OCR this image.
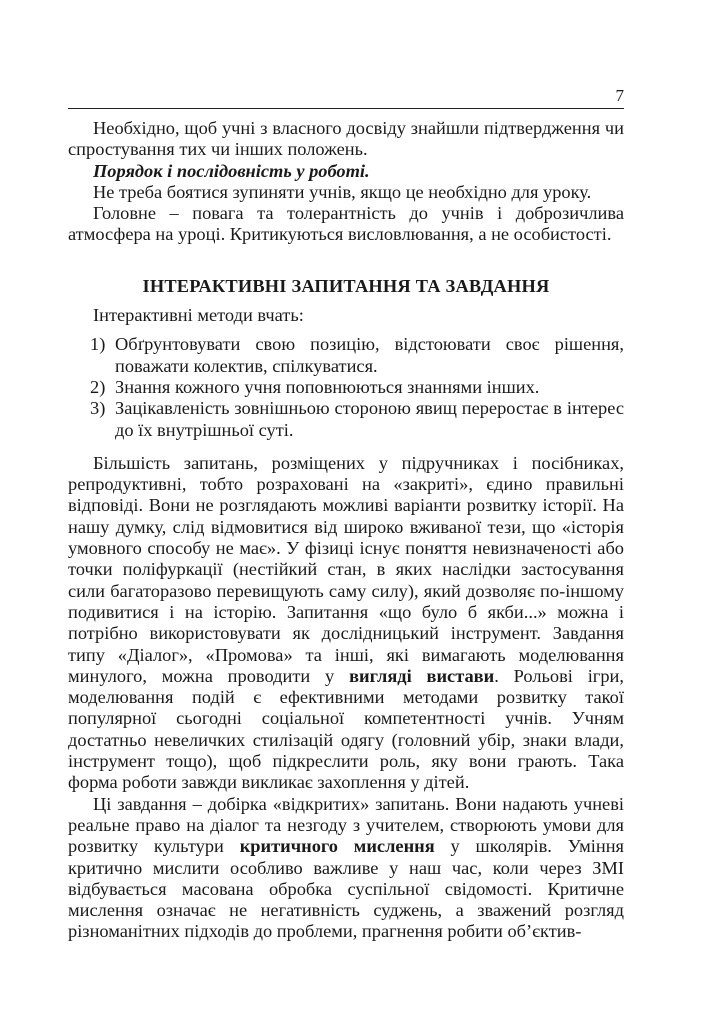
7

Необхідно, щоб учні з власного досвіду знайшли підтвердження чи спростування тих чи інших положень.

Порядок і послідовність у роботі.

Не треба боятися зупиняти учнів, якщо це необхідно для уроку.

Головне – повага та толерантність до учнів і доброзичлива атмосфера на уроці. Критикуються висловлювання, а не особистості.

ІНТЕРАКТИВНІ ЗАПИТАННЯ ТА ЗАВДАННЯ

Інтерактивні методи вчать:

1) Обґрунтовувати свою позицію, відстоювати своє рішення, поважати колектив, спілкуватися.
2) Знання кожного учня поповнюються знаннями інших.
3) Зацікавленість зовнішньою стороною явищ переростає в інтерес до їх внутрішньої суті.

Більшість запитань, розміщених у підручниках і посібниках, репродуктивні, тобто розраховані на «закриті», єдино правильні відповіді. Вони не розглядають можливі варіанти розвитку історії. На нашу думку, слід відмовитися від широко вживаної тези, що «історія умовного способу не має». У фізиці існує поняття невизначеності або точки поліфуркації (нестійкий стан, в яких наслідки застосування сили багаторазово перевищують саму силу), який дозволяє по-іншому подивитися і на історію. Запитання «що було б якби...» можна і потрібно використовувати як дослідницький інструмент. Завдання типу «Діалог», «Промова» та інші, які вимагають моделювання минулого, можна проводити у вигляді вистави. Рольові ігри, моделювання подій є ефективними методами розвитку такої популярної сьогодні соціальної компетентності учнів. Учням достатньо невеличких стилізацій одягу (головний убір, знаки влади, інструмент тощо), щоб підкреслити роль, яку вони грають. Така форма роботи завжди викликає захоплення у дітей.

Ці завдання – добірка «відкритих» запитань. Вони надають учневі реальне право на діалог та незгоду з учителем, створюють умови для розвитку культури критичного мислення у школярів. Уміння критично мислити особливо важливе у наш час, коли через ЗМІ відбувається масована обробка суспільної свідомості. Критичне мислення означає не негативність суджень, а зважений розгляд різноманітних підходів до проблеми, прагнення робити об’єктив-
